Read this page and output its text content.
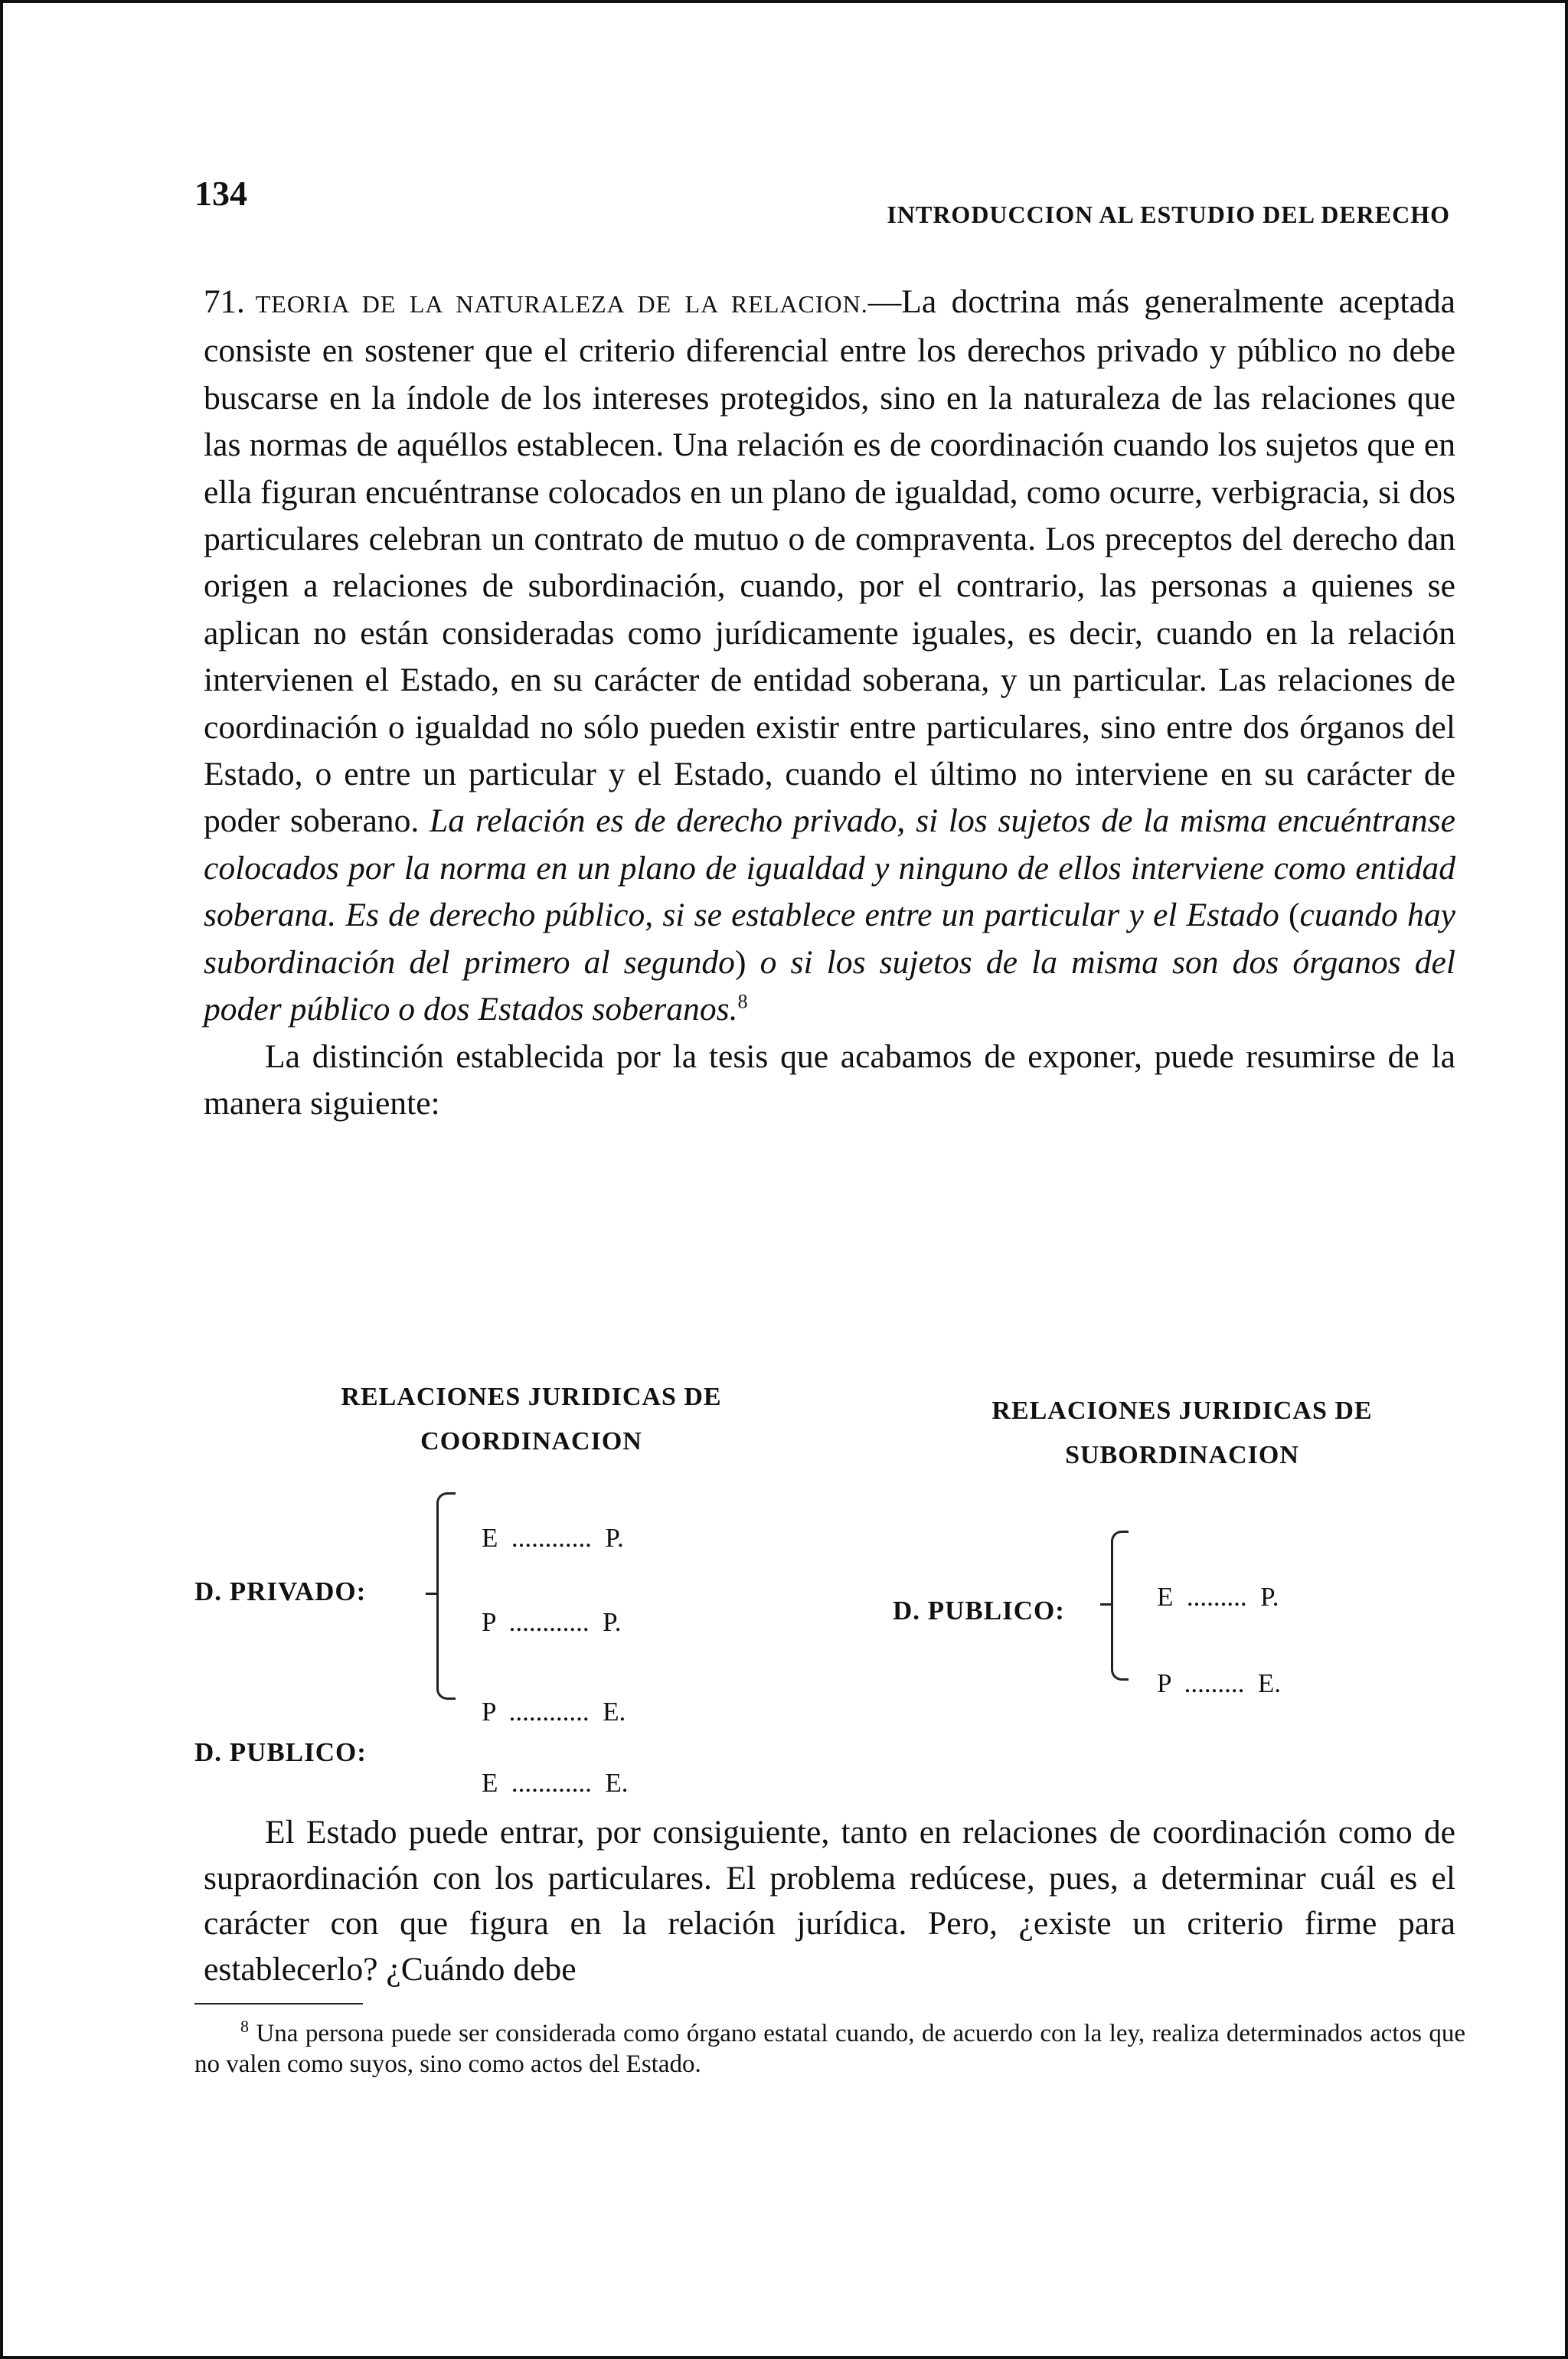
134
INTRODUCCION AL ESTUDIO DEL DERECHO

71. TEORIA DE LA NATURALEZA DE LA RELACION.—La doctrina más generalmente aceptada consiste en sostener que el criterio diferencial entre los derechos privado y público no debe buscarse en la índole de los intereses protegidos, sino en la naturaleza de las relaciones que las normas de aquéllos establecen. Una relación es de coordinación cuando los sujetos que en ella figuran encuéntranse colocados en un plano de igualdad, como ocurre, verbigracia, si dos particulares celebran un contrato de mutuo o de compraventa. Los preceptos del derecho dan origen a relaciones de subordinación, cuando, por el contrario, las personas a quienes se aplican no están consideradas como jurídicamente iguales, es decir, cuando en la relación intervienen el Estado, en su carácter de entidad soberana, y un particular. Las relaciones de coordinación o igualdad no sólo pueden existir entre particulares, sino entre dos órganos del Estado, o entre un particular y el Estado, cuando el último no interviene en su carácter de poder soberano. La relación es de derecho privado, si los sujetos de la misma encuéntranse colocados por la norma en un plano de igualdad y ninguno de ellos interviene como entidad soberana. Es de derecho público, si se establece entre un particular y el Estado (cuando hay subordinación del primero al segundo) o si los sujetos de la misma son dos órganos del poder público o dos Estados soberanos.$^8$

La distinción establecida por la tesis que acabamos de exponer, puede resumirse de la manera siguiente:

RELACIONES JURIDICAS DE
COORDINACION
RELACIONES JURIDICAS DE
SUBORDINACION

E ............ P.

D. PRIVADO:

P ............ P.

P ............ E.

D. PUBLICO:

E ............ E.

E ......... P.

D. PUBLICO:

P ......... E.

El Estado puede entrar, por consiguiente, tanto en relaciones de coordinación como de supraordinación con los particulares. El problema redúcese, pues, a determinar cuál es el carácter con que figura en la relación jurídica. Pero, ¿existe un criterio firme para establecerlo? ¿Cuándo debe

$^8$ Una persona puede ser considerada como órgano estatal cuando, de acuerdo con la ley, realiza determinados actos que no valen como suyos, sino como actos del Estado.
